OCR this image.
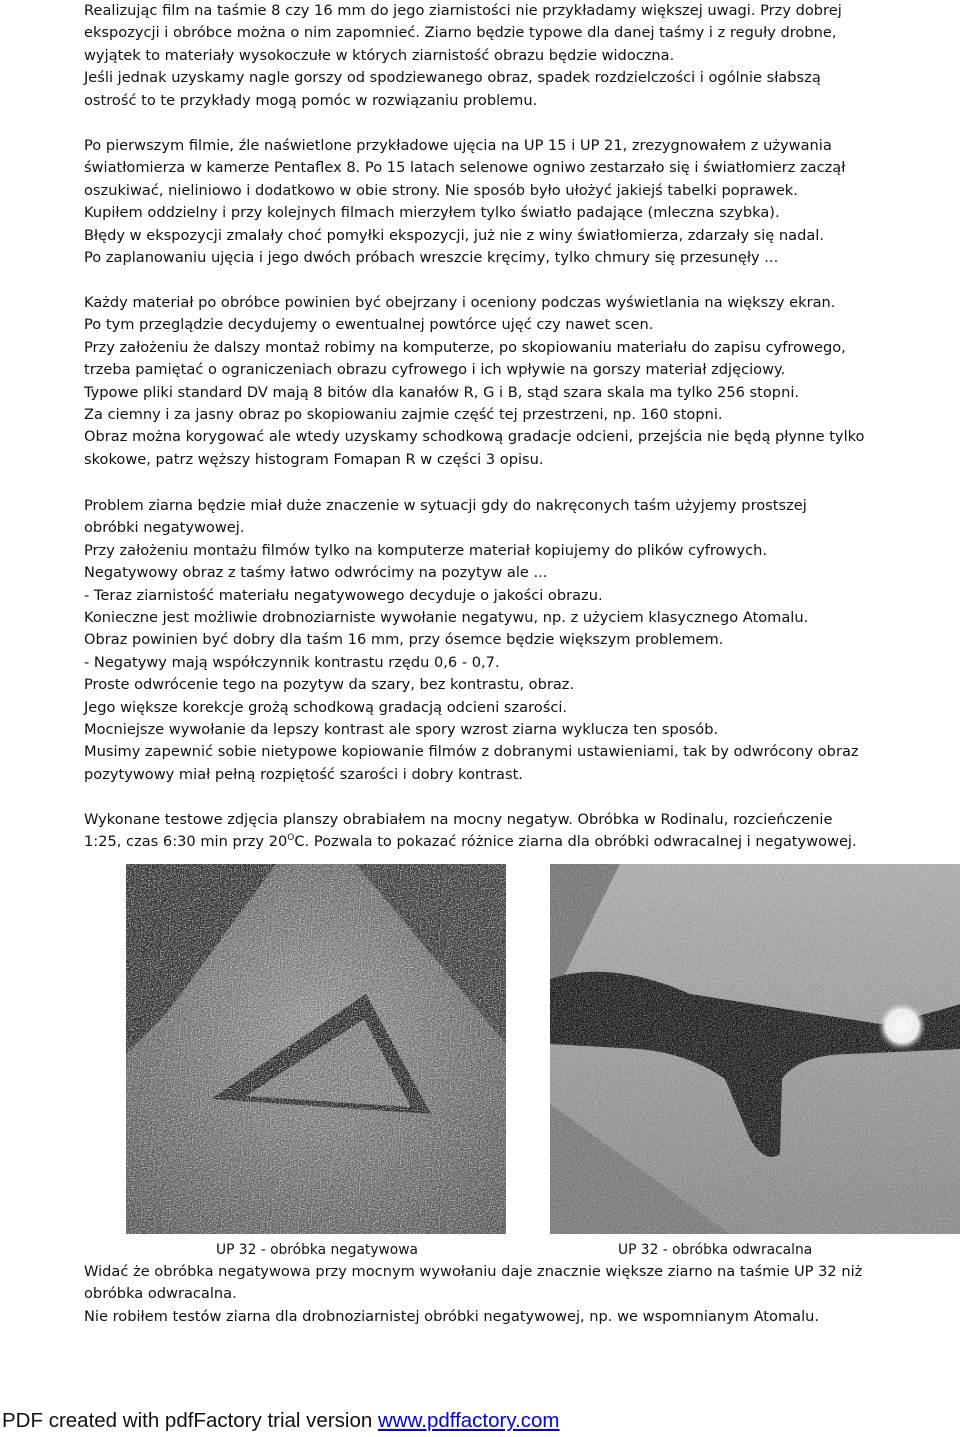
Realizując film na taśmie 8 czy 16 mm do jego ziarnistości nie przykładamy większej uwagi. Przy dobrej

ekspozycji i obróbce można o nim zapomnieć. Ziarno będzie typowe dla danej taśmy i z reguły drobne,

wyjątek to materiały wysokoczułe w których ziarnistość obrazu będzie widoczna.

Jeśli jednak uzyskamy nagle gorszy od spodziewanego obraz, spadek rozdzielczości i ogólnie słabszą

ostrość to te przykłady mogą pomóc w rozwiązaniu problemu.

Po pierwszym filmie, źle naświetlone przykładowe ujęcia na UP 15 i UP 21, zrezygnowałem z używania

światłomierza w kamerze Pentaflex 8. Po 15 latach selenowe ogniwo zestarzało się i światłomierz zaczął

oszukiwać, nieliniowo i dodatkowo w obie strony. Nie sposób było ułożyć jakiejś tabelki poprawek.

Kupiłem oddzielny i przy kolejnych filmach mierzyłem tylko światło padające (mleczna szybka).

Błędy w ekspozycji zmalały choć pomyłki ekspozycji, już nie z winy światłomierza, zdarzały się nadal.

Po zaplanowaniu ujęcia i jego dwóch próbach wreszcie kręcimy, tylko chmury się przesunęły ...

Każdy materiał po obróbce powinien być obejrzany i oceniony podczas wyświetlania na większy ekran.

Po tym przeglądzie decydujemy o ewentualnej powtórce ujęć czy nawet scen.

Przy założeniu że dalszy montaż robimy na komputerze, po skopiowaniu materiału do zapisu cyfrowego,

trzeba pamiętać o ograniczeniach obrazu cyfrowego i ich wpływie na gorszy materiał zdjęciowy.

Typowe pliki standard DV mają 8 bitów dla kanałów R, G i B, stąd szara skala ma tylko 256 stopni.

Za ciemny i za jasny obraz po skopiowaniu zajmie część tej przestrzeni, np. 160 stopni.

Obraz można korygować ale wtedy uzyskamy schodkową gradacje odcieni, przejścia nie będą płynne tylko

skokowe, patrz węższy histogram Fomapan R w części 3 opisu.

Problem ziarna będzie miał duże znaczenie w sytuacji gdy do nakręconych taśm użyjemy prostszej

obróbki negatywowej.

Przy założeniu montażu filmów tylko na komputerze materiał kopiujemy do plików cyfrowych.

Negatywowy obraz z taśmy łatwo odwrócimy na pozytyw ale ...

- Teraz ziarnistość materiału negatywowego decyduje o jakości obrazu.

Konieczne jest możliwie drobnoziarniste wywołanie negatywu, np. z użyciem klasycznego Atomalu.

Obraz powinien być dobry dla taśm 16 mm, przy ósemce będzie większym problemem.

- Negatywy mają współczynnik kontrastu rzędu 0,6 - 0,7.

Proste odwrócenie tego na pozytyw da szary, bez kontrastu, obraz.

Jego większe korekcje grożą schodkową gradacją odcieni szarości.

Mocniejsze wywołanie da lepszy kontrast ale spory wzrost ziarna wyklucza ten sposób.

Musimy zapewnić sobie nietypowe kopiowanie filmów z dobranymi ustawieniami, tak by odwrócony obraz

pozytywowy miał pełną rozpiętość szarości i dobry kontrast.

Wykonane testowe zdjęcia planszy obrabiałem na mocny negatyw. Obróbka w Rodinalu, rozcieńczenie

1:25, czas 6:30 min przy $20^OC$. Pozwala to pokazać różnice ziarna dla obróbki odwracalnej i negatywowej.

UP 32 - obróbka negatywowa	UP 32 - obróbka odwracalna

Widać że obróbka negatywowa przy mocnym wywołaniu daje znacznie większe ziarno na taśmie UP 32 niż

obróbka odwracalna.

Nie robiłem testów ziarna dla drobnoziarnistej obróbki negatywowej, np. we wspomnianym Atomalu.

PDF created with pdfFactory trial version www.pdffactory.com
